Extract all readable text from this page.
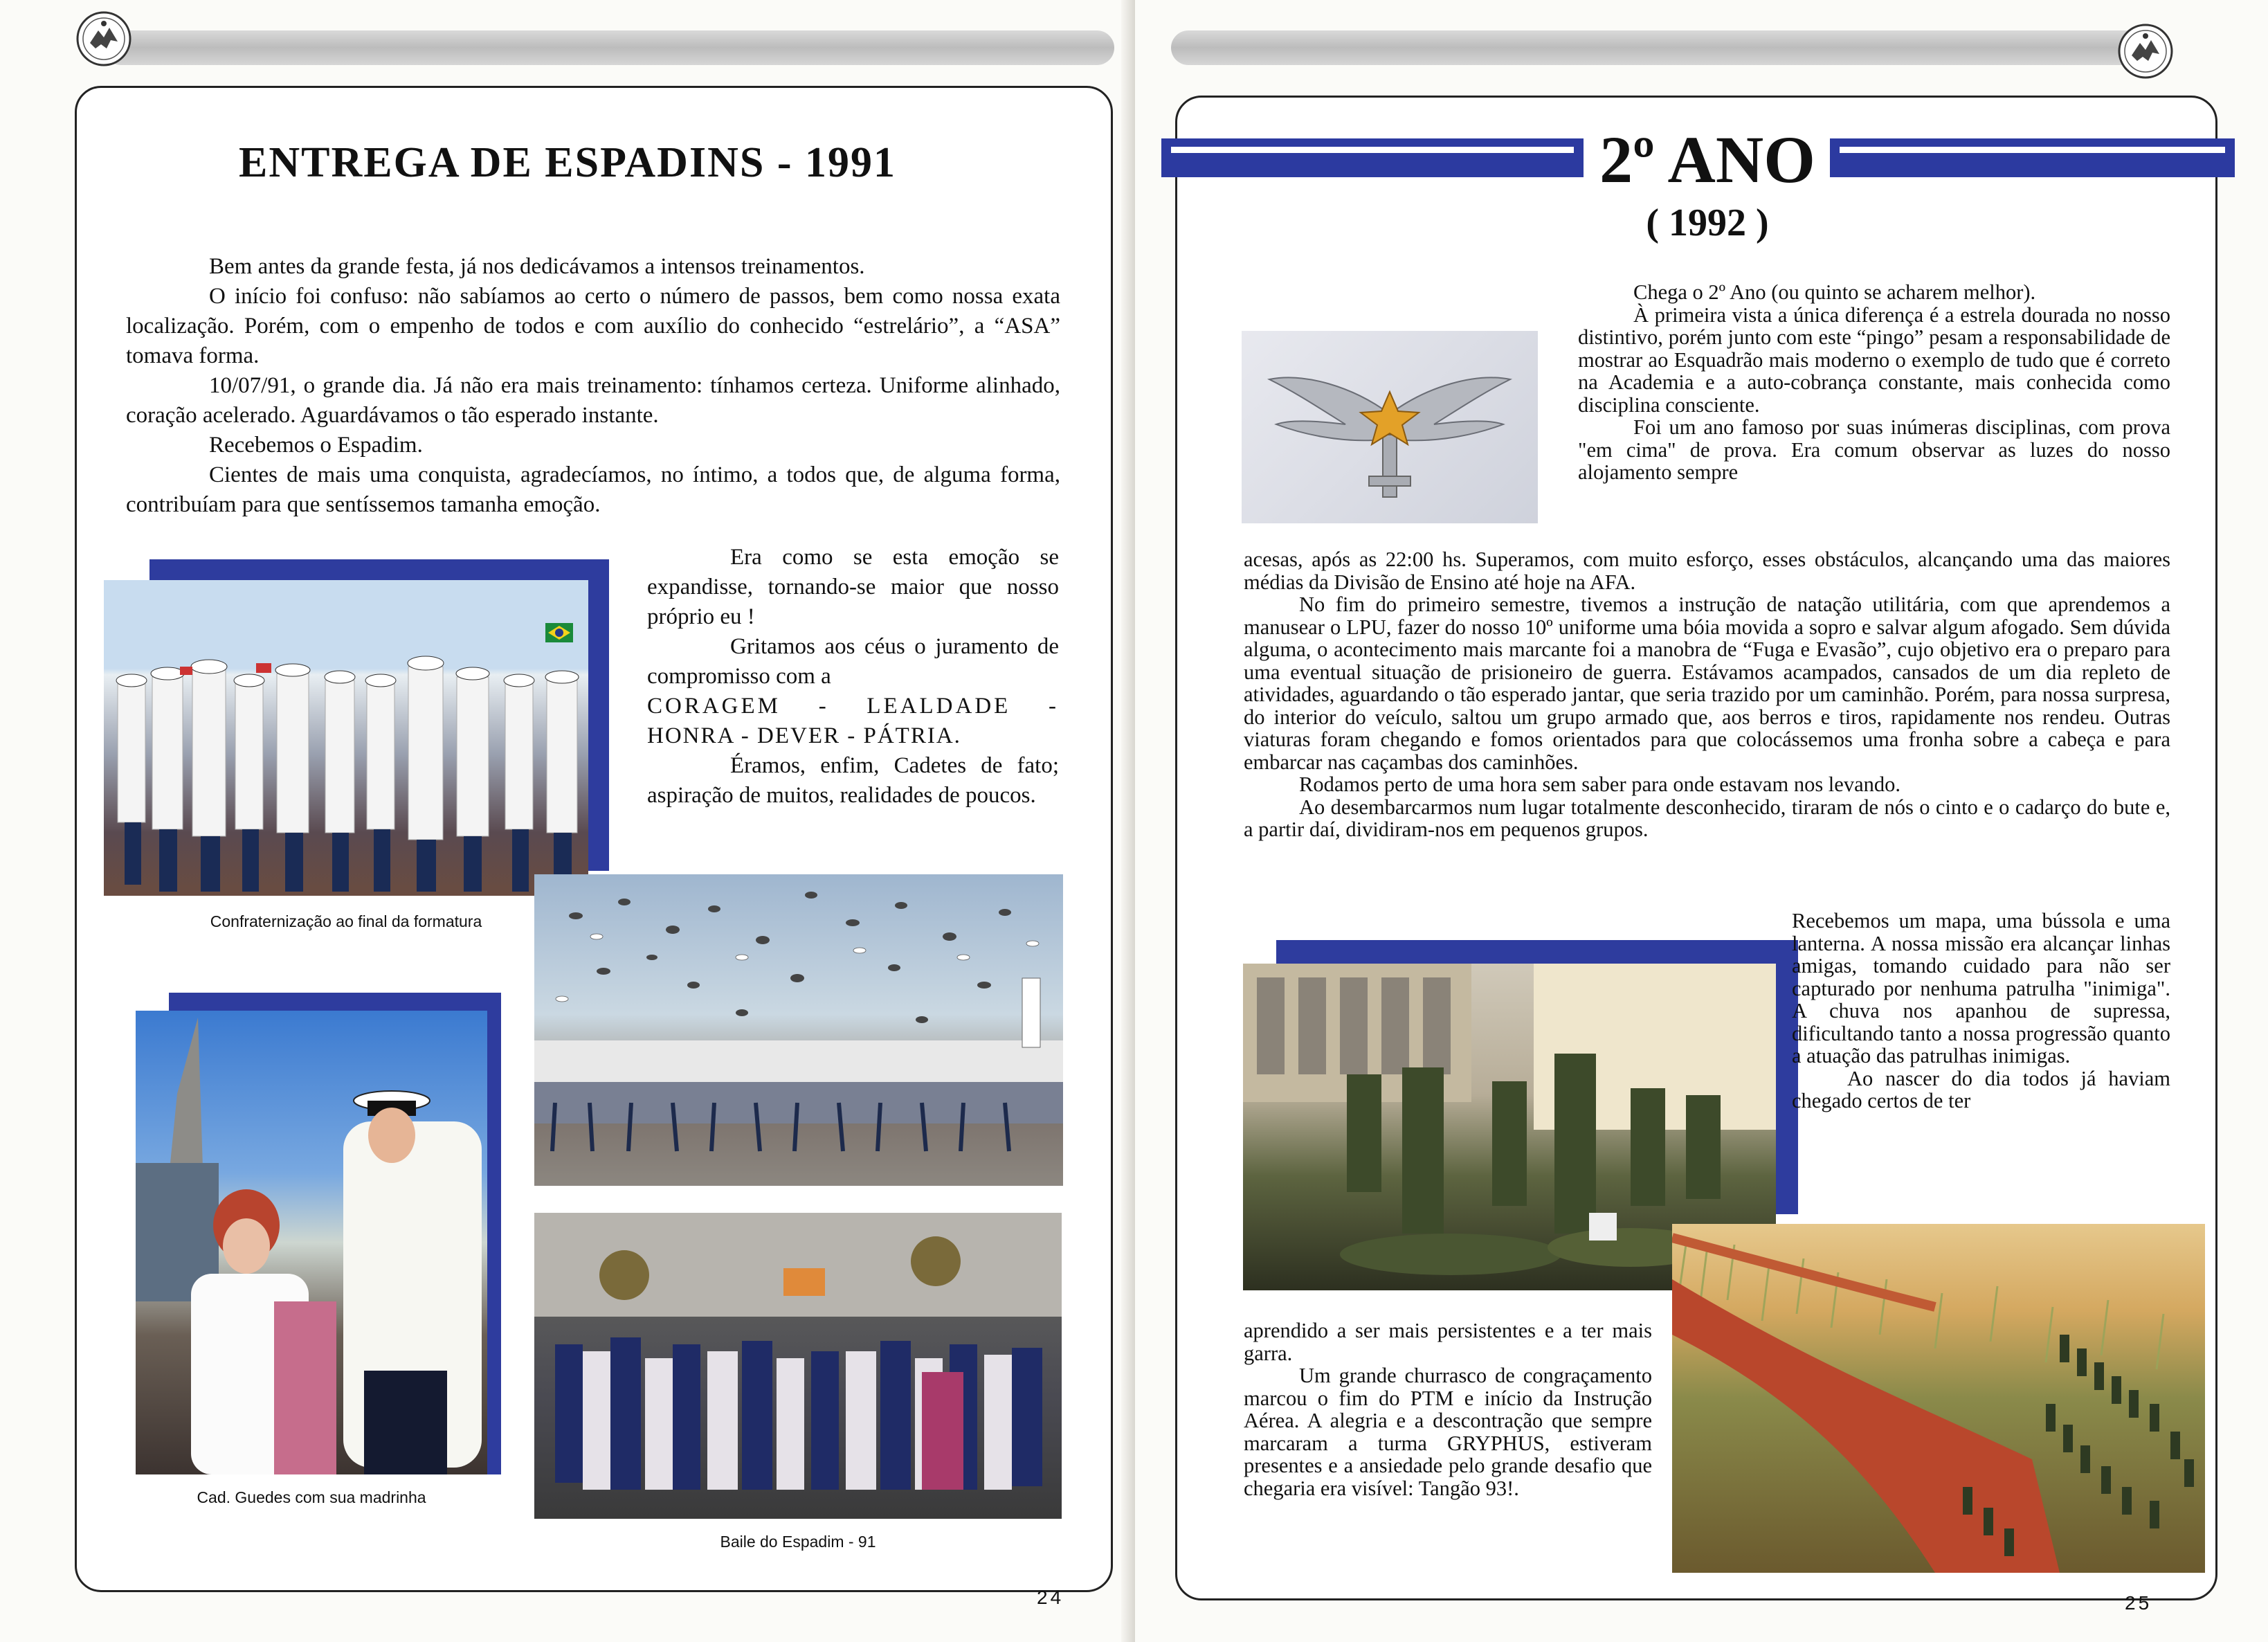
ENTREGA DE ESPADINS - 1991

Bem antes da grande festa, já nos dedicávamos a intensos treinamentos.

O início foi confuso: não sabíamos ao certo o número de passos, bem como nossa exata localização. Porém, com o empenho de todos e com auxílio do conhecido “estrelário”, a “ASA” tomava forma.

10/07/91, o grande dia. Já não era mais treinamento: tínhamos certeza. Uniforme alinhado, coração acelerado. Aguardávamos o tão esperado instante.

Recebemos o Espadim.

Cientes de mais uma conquista, agradecíamos, no íntimo, a todos que, de alguma forma, contribuíam para que sentíssemos tamanha emoção.

Confraternização ao final da formatura

Era como se esta emoção se expandisse, tornando-se maior que nosso próprio eu !

Gritamos aos céus o juramento de compromisso com a

CORAGEM - LEALDADE -
HONRA - DEVER - PÁTRIA.

Éramos, enfim, Cadetes de fato; aspiração de muitos, realidades de poucos.

Cad. Guedes com sua madrinha
Baile do Espadim - 91
24
2º ANO
( 1992 )

Chega o 2º Ano (ou quinto se acharem melhor).

À primeira vista a única diferença é a estrela dourada no nosso distintivo, porém junto com este “pingo” pesam a responsabilidade de mostrar ao Esquadrão mais moderno o exemplo de tudo que é correto na Academia e a auto-cobrança constante, mais conhecida como disciplina consciente.

Foi um ano famoso por suas inúmeras disciplinas, com prova "em cima" de prova. Era comum observar as luzes do nosso alojamento sempre

acesas, após as 22:00 hs. Superamos, com muito esforço, esses obstáculos, alcançando uma das maiores médias da Divisão de Ensino até hoje na AFA.

No fim do primeiro semestre, tivemos a instrução de natação utilitária, com que aprendemos a manusear o LPU, fazer do nosso 10º uniforme uma bóia movida a sopro e salvar algum afogado. Sem dúvida alguma, o acontecimento mais marcante foi a manobra de “Fuga e Evasão”, cujo objetivo era o preparo para uma eventual situação de prisioneiro de guerra. Estávamos acampados, cansados de um dia repleto de atividades, aguardando o tão esperado jantar, que seria trazido por um caminhão. Porém, para nossa surpresa, do interior do veículo, saltou um grupo armado que, aos berros e tiros, rapidamente nos rendeu. Outras viaturas foram chegando e fomos orientados para que colocássemos uma fronha sobre a cabeça e para embarcar nas caçambas dos caminhões.

Rodamos perto de uma hora sem saber para onde estavam nos levando.

Ao desembarcarmos num lugar totalmente desconhecido, tiraram de nós o cinto e o cadarço do bute e, a partir daí, dividiram-nos em pequenos grupos.

Recebemos um mapa, uma bússola e uma lanterna. A nossa missão era alcançar linhas amigas, tomando cuidado para não ser capturado por nenhuma patrulha "inimiga". A chuva nos apanhou de supressa, dificultando tanto a nossa progressão quanto a atuação das patrulhas inimigas.

Ao nascer do dia todos já haviam chegado certos de ter

aprendido a ser mais persistentes e a ter mais garra.

Um grande churrasco de congraçamento marcou o fim do PTM e início da Instrução Aérea. A alegria e a descontração que sempre marcaram a turma GRYPHUS, estiveram presentes e a ansiedade pelo grande desafio que chegaria era visível: Tangão 93!.

25
